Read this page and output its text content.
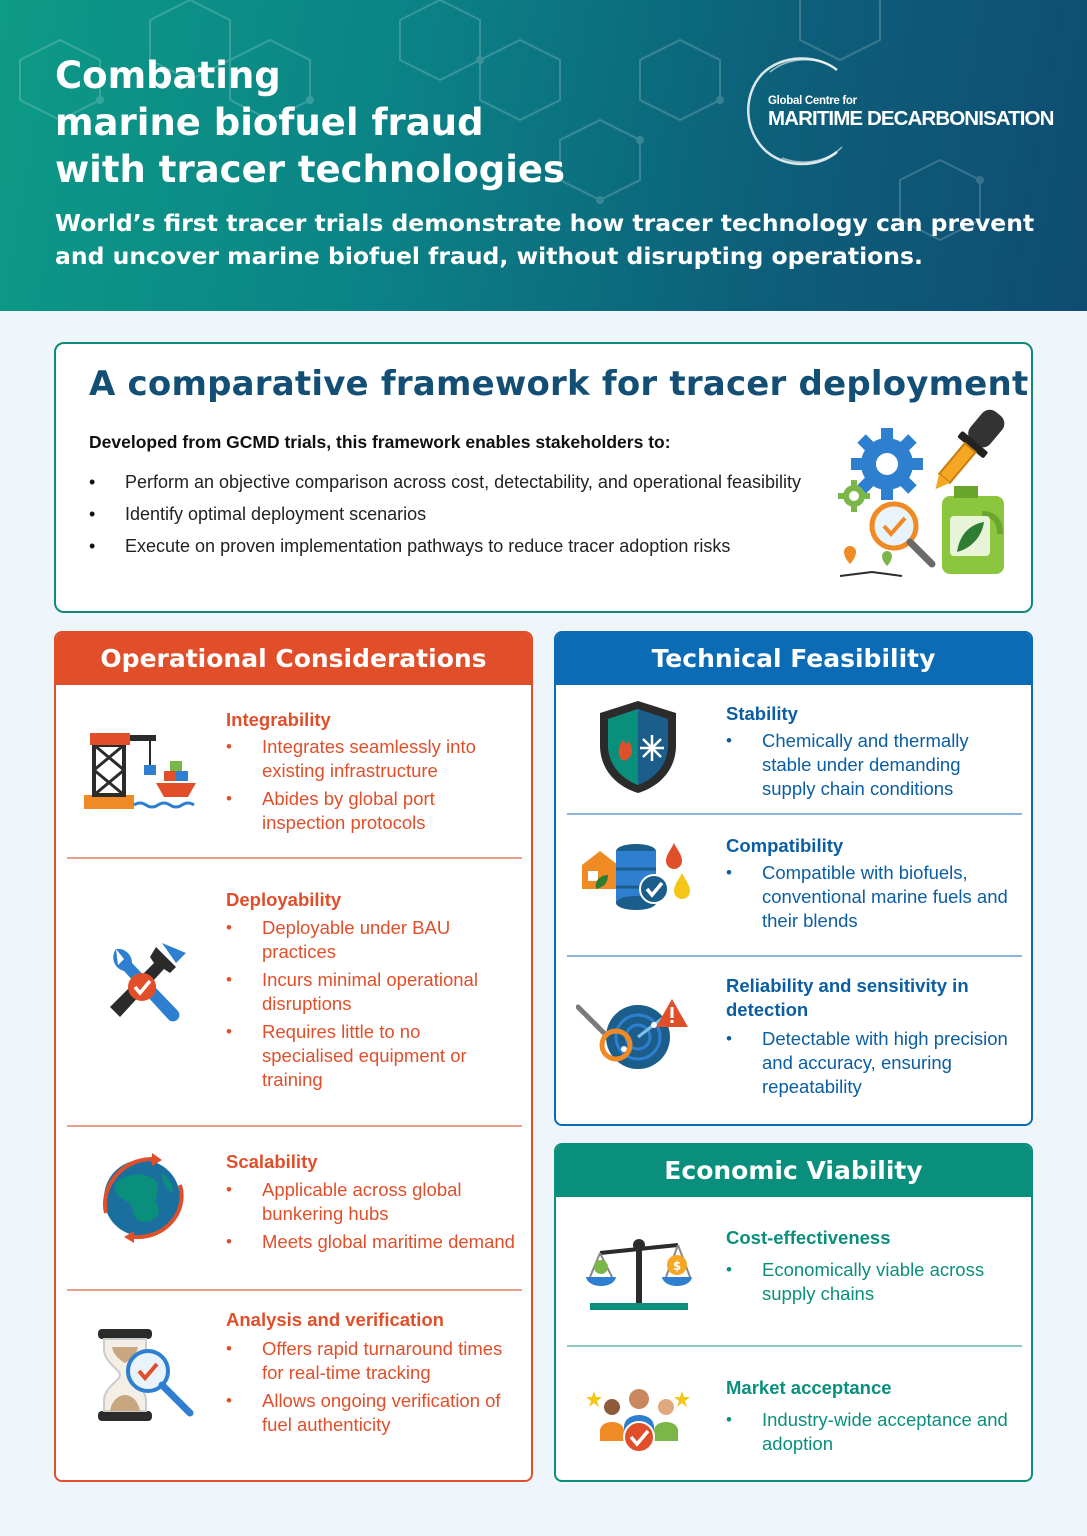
Combating
marine biofuel fraud
with tracer technologies
World’s first tracer trials demonstrate how tracer technology can prevent
and uncover marine biofuel fraud, without disrupting operations.
Global Centre for
MARITIME DECARBONISATION
A comparative framework for tracer deployment
Developed from GCMD trials, this framework enables stakeholders to:
• Perform an objective comparison across cost, detectability, and operational feasibility
• Identify optimal deployment scenarios
• Execute on proven implementation pathways to reduce tracer adoption risks
Operational Considerations
Integrability
• Integrates seamlessly into existing infrastructure
• Abides by global port inspection protocols
Deployability
• Deployable under BAU practices
• Incurs minimal operational disruptions
• Requires little to no specialised equipment or training
Scalability
• Applicable across global bunkering hubs
• Meets global maritime demand
Analysis and verification
• Offers rapid turnaround times for real-time tracking
• Allows ongoing verification of fuel authenticity
Technical Feasibility
Stability
• Chemically and thermally stable under demanding supply chain conditions
Compatibility
• Compatible with biofuels, conventional marine fuels and their blends
Reliability and sensitivity in
detection
• Detectable with high precision and accuracy, ensuring repeatability
Economic Viability
$
Cost-effectiveness
• Economically viable across supply chains
Market acceptance
• Industry-wide acceptance and adoption
